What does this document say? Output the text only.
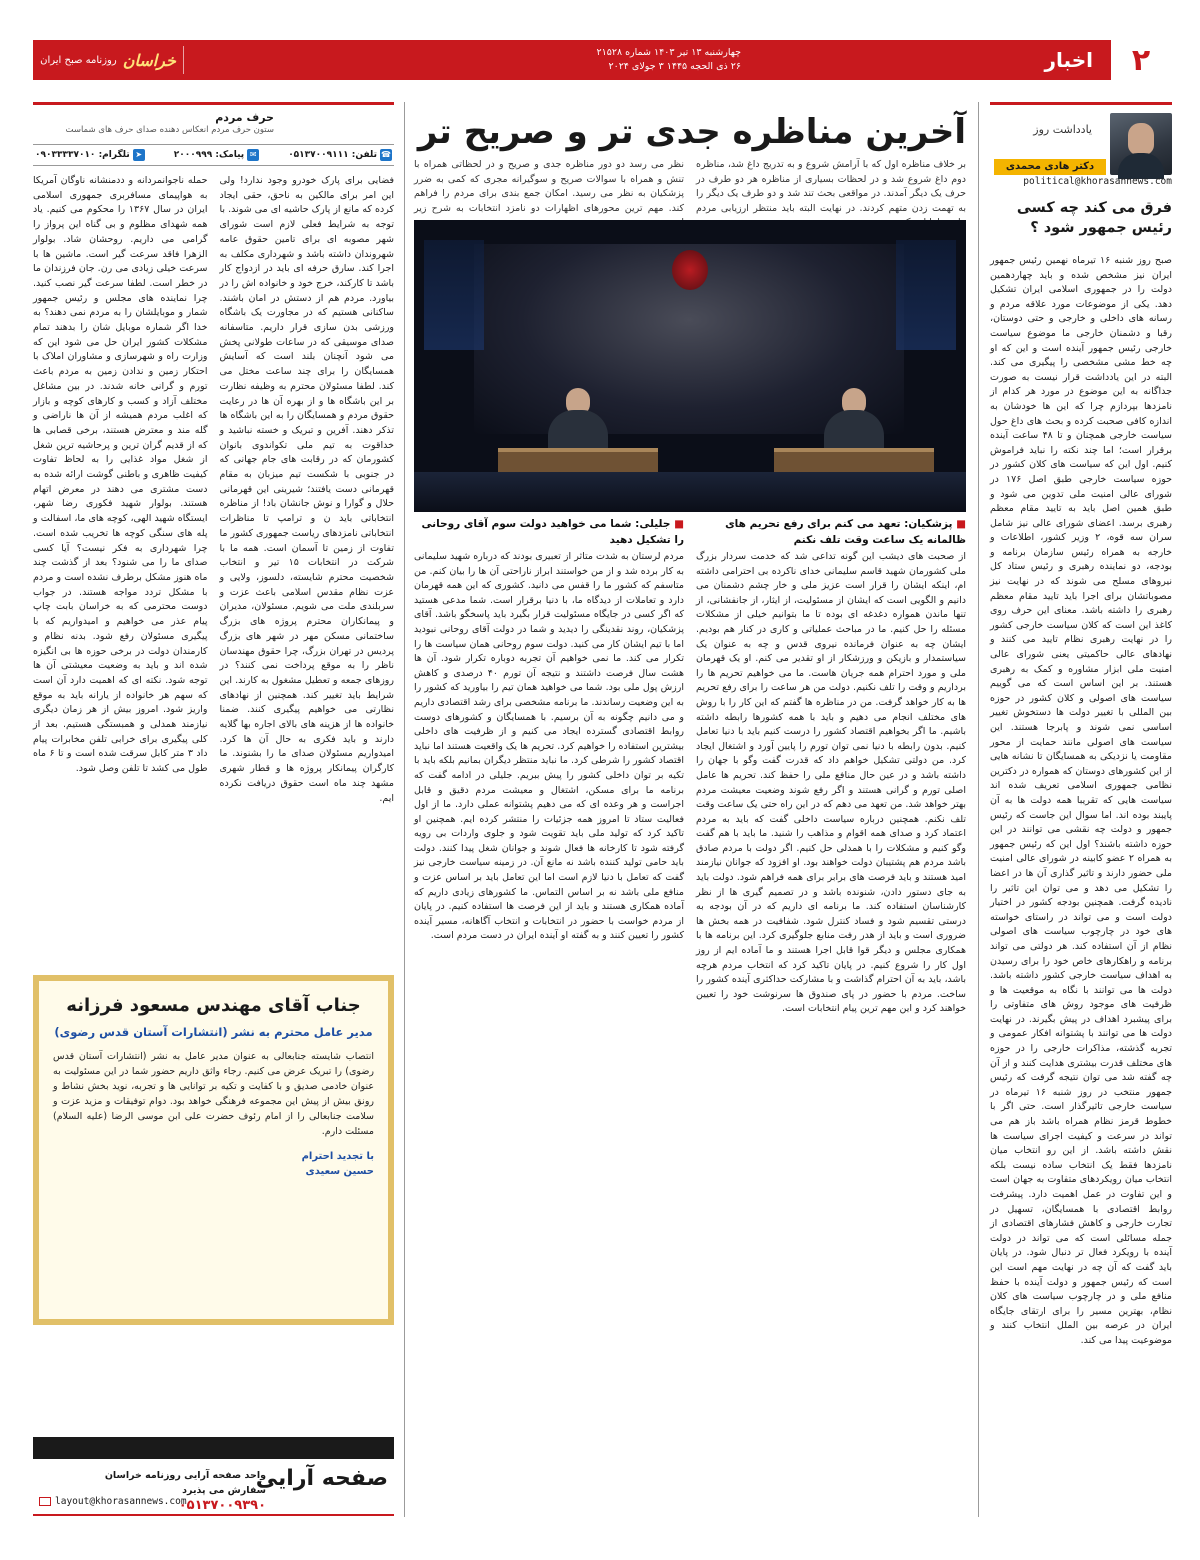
۲
اخبار
چهارشنبه ۱۳ تیر ۱۴۰۳ شماره ۲۱۵۲۸
۲۶ ذی الحجه ۱۴۴۵ ۳ جولای ۲۰۲۴
خراسان
روزنامه صبح ایران
یادداشت روز
دکتر هادی محمدی
political@khorasannews.com
فرق می کند چه کسی رئیس جمهور شود ؟
صبح روز شنبه ۱۶ تیرماه نهمین رئیس جمهور ایران نیز مشخص شده و باید چهاردهمین دولت را در جمهوری اسلامی ایران تشکیل دهد. یکی از موضوعات مورد علاقه مردم و رسانه های داخلی و خارجی و حتی دوستان، رقبا و دشمنان خارجی ما موضوع سیاست خارجی رئیس جمهور آینده است و این که او چه خط مشی مشخصی را پیگیری می کند. البته در این یادداشت قرار نیست به صورت جداگانه به این موضوع در مورد هر کدام از نامزدها بپردازم چرا که این ها خودشان به اندازه کافی صحبت کرده و بحث های داغ حول سیاست خارجی همچنان و تا ۴۸ ساعت آینده برقرار است؛ اما چند نکته را نباید فراموش کنیم. اول این که سیاست های کلان کشور در حوزه سیاست خارجی طبق اصل ۱۷۶ در شورای عالی امنیت ملی تدوین می شود و طبق همین اصل باید به تایید مقام معظم رهبری برسد. اعضای شورای عالی نیز شامل سران سه قوه، ۲ وزیر کشور، اطلاعات و خارجه به همراه رئیس سازمان برنامه و بودجه، دو نماینده رهبری و رئیس ستاد کل نیروهای مسلح می شوند که در نهایت نیز مصوباتشان برای اجرا باید تایید مقام معظم رهبری را داشته باشد. معنای این حرف روی کاغذ این است که کلان سیاست خارجی کشور را در نهایت رهبری نظام تایید می کنند و نهادهای عالی حاکمیتی یعنی شورای عالی امنیت ملی ابزار مشاوره و کمک به رهبری هستند. بر این اساس است که می گوییم سیاست های اصولی و کلان کشور در حوزه بین المللی با تغییر دولت ها دستخوش تغییر اساسی نمی شوند و پابرجا هستند. این سیاست های اصولی مانند حمایت از محور مقاومت یا نزدیکی به همسایگان تا نشانه هایی از این کشورهای دوستان که همواره در دکترین نظامی جمهوری اسلامی تعریف شده اند سیاست هایی که تقریبا همه دولت ها به آن پایبند بوده اند. اما سوال این جاست که رئیس جمهور و دولت چه نقشی می توانند در این حوزه داشته باشند؟ اول این که رئیس جمهور به همراه ۲ عضو کابینه در شورای عالی امنیت ملی حضور دارند و تاثیر گذاری آن ها در اعضا را تشکیل می دهد و می توان این تاثیر را نادیده گرفت. همچنین بودجه کشور در اختیار دولت است و می تواند در راستای خواسته های خود در چارچوب سیاست های اصولی نظام از آن استفاده کند. هر دولتی می تواند برنامه و راهکارهای خاص خود را برای رسیدن به اهداف سیاست خارجی کشور داشته باشد. دولت ها می توانند با نگاه به موقعیت ها و ظرفیت های موجود روش های متفاوتی را برای پیشبرد اهداف در پیش بگیرند. در نهایت دولت ها می توانند با پشتوانه افکار عمومی و تجربه گذشته، مذاکرات خارجی را در حوزه های مختلف قدرت بیشتری هدایت کنند و از آن چه گفته شد می توان نتیجه گرفت که رئیس جمهور منتخب در روز شنبه ۱۶ تیرماه در سیاست خارجی تاثیرگذار است. حتی اگر با خطوط قرمز نظام همراه باشد باز هم می تواند در سرعت و کیفیت اجرای سیاست ها نقش داشته باشد. از این رو انتخاب میان نامزدها فقط یک انتخاب ساده نیست بلکه انتخاب میان رویکردهای متفاوت به جهان است و این تفاوت در عمل اهمیت دارد. پیشرفت روابط اقتصادی با همسایگان، تسهیل در تجارت خارجی و کاهش فشارهای اقتصادی از جمله مسائلی است که می تواند در دولت آینده با رویکرد فعال تر دنبال شود. در پایان باید گفت که آن چه در نهایت مهم است این است که رئیس جمهور و دولت آینده با حفظ منافع ملی و در چارچوب سیاست های کلان نظام، بهترین مسیر را برای ارتقای جایگاه ایران در عرصه بین الملل انتخاب کنند و موضوعیت پیدا می کند.
آخرین مناظره جدی تر و صریح تر
بر خلاف مناظره اول که با آرامش شروع و به تدریج داغ شد، مناظره دوم داغ شروع شد و در لحظات بسیاری از مناظره هر دو طرف در حرف یک دیگر آمدند. در مواقعی بحث تند شد و دو طرف یک دیگر را به تهمت زدن متهم کردند. در نهایت البته باید منتظر ارزیابی مردم
نظر می رسد دو دور مناظره جدی و صریح و در لحظاتی همراه با تنش و همراه با سوالات صریح و سوگیرانه مجری که کمی به ضرر پزشکیان به نظر می رسید. امکان جمع بندی برای مردم را فراهم کند. مهم ترین محورهای اظهارات دو نامزد انتخابات به شرح زیر
■ پزشکیان: تعهد می کنم برای رفع تحریم های ظالمانه یک ساعت وقت تلف نکنم
از صحبت های دیشب این گونه تداعی شد که خدمت سردار بزرگ ملی کشورمان شهید قاسم سلیمانی خدای ناکرده بی احترامی داشته ام، اینکه ایشان را قرار است عزیز ملی و خار چشم دشمنان می دانیم و الگویی است که ایشان از مسئولیت، از ایثار، از جانفشانی، از تنها ماندن همواره دغدغه ای بوده تا ما بتوانیم خیلی از مشکلات مسئله را حل کنیم. ما در مباحث عملیاتی و کاری در کنار هم بودیم. ایشان چه به عنوان فرمانده نیروی قدس و چه به عنوان یک سیاستمدار و بازیکن و ورزشکار از او تقدیر می کنم. او یک قهرمان ملی و مورد احترام همه جریان هاست. ما می خواهیم تحریم ها را برداریم و وقت را تلف نکنیم. دولت من هر ساعت را برای رفع تحریم ها به کار خواهد گرفت. من در مناظره ها گفتم که این کار را با روش های مختلف انجام می دهیم و باید با همه کشورها رابطه داشته باشیم. ما اگر بخواهیم اقتصاد کشور را درست کنیم باید با دنیا تعامل کنیم. بدون رابطه با دنیا نمی توان تورم را پایین آورد و اشتغال ایجاد کرد. من دولتی تشکیل خواهم داد که قدرت گفت وگو با جهان را داشته باشد و در عین حال منافع ملی را حفظ کند. تحریم ها عامل اصلی تورم و گرانی هستند و اگر رفع شوند وضعیت معیشت مردم بهتر خواهد شد. من تعهد می دهم که در این راه حتی یک ساعت وقت تلف نکنم. همچنین درباره سیاست داخلی گفت که باید به مردم اعتماد کرد و صدای همه اقوام و مذاهب را شنید. ما باید با هم گفت وگو کنیم و مشکلات را با همدلی حل کنیم. اگر دولت با مردم صادق باشد مردم هم پشتیبان دولت خواهند بود. او افزود که جوانان نیازمند امید هستند و باید فرصت های برابر برای همه فراهم شود. دولت باید به جای دستور دادن، شنونده باشد و در تصمیم گیری ها از نظر کارشناسان استفاده کند. ما برنامه ای داریم که در آن بودجه به درستی تقسیم شود و فساد کنترل شود. شفافیت در همه بخش ها ضروری است و باید از هدر رفت منابع جلوگیری کرد. این برنامه ها با همکاری مجلس و دیگر قوا قابل اجرا هستند و ما آماده ایم از روز اول کار را شروع کنیم. در پایان تاکید کرد که انتخاب مردم هرچه باشد، باید به آن احترام گذاشت و با مشارکت حداکثری آینده کشور را ساخت. مردم با حضور در پای صندوق ها سرنوشت خود را تعیین خواهند کرد و این مهم ترین پیام انتخابات است.
■ جلیلی: شما می خواهید دولت سوم آقای روحانی را تشکیل دهید
مردم لرستان به شدت متاثر از تعبیری بودند که درباره شهید سلیمانی به کار برده شد و از من خواستند ابراز ناراحتی آن ها را بیان کنم. من متاسفم که کشور ما را قفس می دانید. کشوری که این همه قهرمان دارد و تعاملات از دیدگاه ما، با دنیا برقرار است. شما مدعی هستید که اگر کسی در جایگاه مسئولیت قرار بگیرد باید پاسخگو باشد. آقای پزشکیان، روند نقدینگی را دیدید و شما در دولت آقای روحانی نبودید اما با تیم ایشان کار می کنید. دولت سوم روحانی همان سیاست ها را تکرار می کند. ما نمی خواهیم آن تجربه دوباره تکرار شود. آن ها هشت سال فرصت داشتند و نتیجه آن تورم ۴۰ درصدی و کاهش ارزش پول ملی بود. شما می خواهید همان تیم را بیاورید که کشور را به این وضعیت رساندند. ما برنامه مشخصی برای رشد اقتصادی داریم و می دانیم چگونه به آن برسیم. با همسایگان و کشورهای دوست روابط اقتصادی گسترده ایجاد می کنیم و از ظرفیت های داخلی بیشترین استفاده را خواهیم کرد. تحریم ها یک واقعیت هستند اما نباید اقتصاد کشور را شرطی کرد. ما نباید منتظر دیگران بمانیم بلکه باید با تکیه بر توان داخلی کشور را پیش ببریم. جلیلی در ادامه گفت که برنامه ما برای مسکن، اشتغال و معیشت مردم دقیق و قابل اجراست و هر وعده ای که می دهیم پشتوانه عملی دارد. ما از اول فعالیت ستاد تا امروز همه جزئیات را منتشر کرده ایم. همچنین او تاکید کرد که تولید ملی باید تقویت شود و جلوی واردات بی رویه گرفته شود تا کارخانه ها فعال شوند و جوانان شغل پیدا کنند. دولت باید حامی تولید کننده باشد نه مانع آن. در زمینه سیاست خارجی نیز گفت که تعامل با دنیا لازم است اما این تعامل باید بر اساس عزت و منافع ملی باشد نه بر اساس التماس. ما کشورهای زیادی داریم که آماده همکاری هستند و باید از این فرصت ها استفاده کنیم. در پایان از مردم خواست با حضور در انتخابات و انتخاب آگاهانه، مسیر آینده کشور را تعیین کنند و به گفته او آینده ایران در دست مردم است.
حرف مردم
ستون حرف مردم انعکاس دهنده صدای حرف های شماست
☎تلفن: ۰۵۱۳۷۰۰۹۱۱۱
✉پیامک: ۲۰۰۰۹۹۹
➤تلگرام: ۰۹۰۳۳۳۳۷۰۱۰
فضایی برای پارک خودرو وجود ندارد! ولی این امر برای مالکین به ناحق، حقی ایجاد کرده که مانع از پارک حاشیه ای می شوند. با توجه به شرایط فعلی لازم است شورای شهر مصوبه ای برای تامین حقوق عامه شهروندان داشته باشد و شهرداری مکلف به اجرا کند. سارق حرفه ای باید در ازدواج کار باشد تا کارکند، خرج خود و خانواده اش را در بیاورد. مردم هم از دستش در امان باشند. ساکنانی هستیم که در مجاورت یک باشگاه ورزشی بدن سازی قرار داریم. متاسفانه صدای موسیقی که در ساعات طولانی پخش می شود آنچنان بلند است که آسایش همسایگان را برای چند ساعت مختل می کند. لطفا مسئولان محترم به وظیفه نظارت بر این باشگاه ها و از بهره آن ها در رعایت حقوق مردم و همسایگان را به این باشگاه ها تذکر دهند. آفرین و تبریک و خسته نباشید و خداقوت به تیم ملی تکواندوی بانوان کشورمان که در رقابت های جام جهانی که در جنوبی با شکست تیم میزبان به مقام قهرمانی دست یافتند؛ شیرینی این قهرمانی حلال و گوارا و نوش جانشان باد! از مناظره انتخاباتی باید ن و ترامپ تا مناظرات انتخاباتی نامزدهای ریاست جمهوری کشور ما تفاوت از زمین تا آسمان است. همه ما با شرکت در انتخابات ۱۵ تیر و انتخاب شخصیت محترم شایسته، دلسوز، ولایی و عزت نظام مقدس اسلامی باعث عزت و سربلندی ملت می شویم. مسئولان، مدیران و پیمانکاران محترم پروژه های بزرگ ساختمانی مسکن مهر در شهر های بزرگ پردیس در تهران بزرگ، چرا حقوق مهندسان ناظر را به موقع پرداخت نمی کنند؟ در روزهای جمعه و تعطیل مشغول به کارند. این شرایط باید تغییر کند. همچنین از نهادهای نظارتی می خواهیم پیگیری کنند. ضمنا خانواده ها از هزینه های بالای اجاره بها گلایه دارند و باید فکری به حال آن ها کرد. امیدواریم مسئولان صدای ما را بشنوند. ما کارگران پیمانکار پروژه ها و قطار شهری مشهد چند ماه است حقوق دریافت نکرده ایم.
حمله ناجوانمردانه و ددمنشانه ناوگان آمریکا به هواپیمای مسافربری جمهوری اسلامی ایران در سال ۱۳۶۷ را محکوم می کنیم. یاد همه شهدای مظلوم و بی گناه این پرواز را گرامی می داریم. روحشان شاد. بولوار الزهرا فاقد سرعت گیر است. ماشین ها با سرعت خیلی زیادی می رن. جان فرزندان ما در خطر است. لطفا سرعت گیر نصب کنید. چرا نماینده های مجلس و رئیس جمهور شمار و موبایلشان را به مردم نمی دهند؟ به خدا اگر شماره موبایل شان را بدهند تمام مشکلات کشور ایران حل می شود این که وزارت راه و شهرسازی و مشاوران املاک با احتکار زمین و ندادن زمین به مردم باعث تورم و گرانی خانه شدند. در بین مشاغل مختلف آزاد و کسب و کارهای کوچه و بازار که اغلب مردم همیشه از آن ها ناراضی و گله مند و معترض هستند، برخی قصابی ها که از قدیم گران ترین و پرحاشیه ترین شغل از شغل مواد غذایی را به لحاظ تفاوت کیفیت ظاهری و باطنی گوشت ارائه شده به دست مشتری می دهند در معرض اتهام هستند. بولوار شهید فکوری رضا شهر، ایستگاه شهید الهی، کوچه های ما، اسفالت و پله های سنگی کوچه ها تخریب شده است. چرا شهرداری به فکر نیست؟ آیا کسی صدای ما را می شنود؟ بعد از گذشت چند ماه هنوز مشکل برطرف نشده است و مردم با مشکل تردد مواجه هستند. در جواب دوست محترمی که به خراسان بابت چاپ پیام عذر می خواهیم و امیدواریم که با پیگیری مسئولان رفع شود. بدنه نظام و کارمندان دولت در برخی حوزه ها بی انگیزه شده اند و باید به وضعیت معیشتی آن ها توجه شود. نکته ای که اهمیت دارد آن است که سهم هر خانواده از یارانه باید به موقع واریز شود. امروز بیش از هر زمان دیگری نیازمند همدلی و همبستگی هستیم. بعد از کلی پیگیری برای خرابی تلفن مخابرات پیام داد ۳ متر کابل سرقت شده است و تا ۶ ماه طول می کشد تا تلفن وصل شود.
جناب آقای مهندس مسعود فرزانه
مدیر عامل محترم به نشر (انتشارات آستان قدس رضوی)
انتصاب شایسته جنابعالی به عنوان مدیر عامل به نشر (انتشارات آستان قدس رضوی) را تبریک عرض می کنیم. رجاء واثق داریم حضور شما در این مسئولیت به عنوان خادمی صدیق و با کفایت و تکیه بر توانایی ها و تجربه، نوید بخش نشاط و رونق بیش از پیش این مجموعه فرهنگی خواهد بود. دوام توفیقات و مزید عزت و سلامت جنابعالی را از امام رئوف حضرت علی ابن موسی الرضا (علیه السلام) مسئلت دارم.
با تجدید احترام
حسین سعیدی
صفحه آرایی
واحد صفحه آرایی روزنامه خراسان
سفارش می پذیرد
۰۵۱۳۷۰۰۹۳۹۰
layout@khorasannews.com
